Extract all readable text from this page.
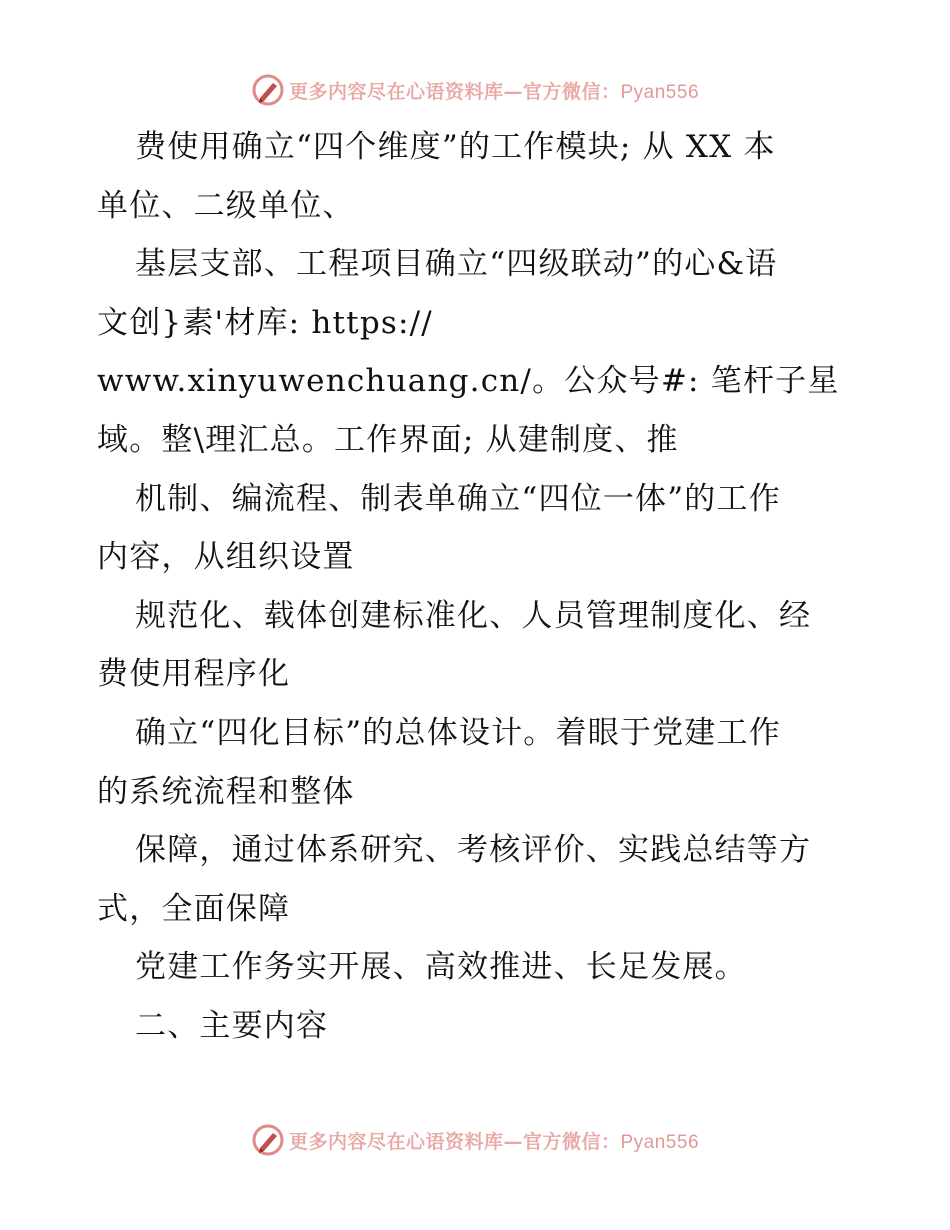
更多内容尽在心语资料库—官方微信：Pyan556
费使用确立“四个维度”的工作模块; 从 XX 本
单位、二级单位、
基层支部、工程项目确立“四级联动”的心&语
文创}素'材库: https://
www.xinyuwenchuang.cn/。公众号#: 笔杆子星
域。整\理汇总。工作界面; 从建制度、推
机制、编流程、制表单确立“四位一体”的工作
内容，从组织设置
规范化、载体创建标准化、人员管理制度化、经
费使用程序化
确立“四化目标”的总体设计。着眼于党建工作
的系统流程和整体
保障，通过体系研究、考核评价、实践总结等方
式，全面保障
党建工作务实开展、高效推进、长足发展。
二、主要内容
更多内容尽在心语资料库—官方微信：Pyan556
